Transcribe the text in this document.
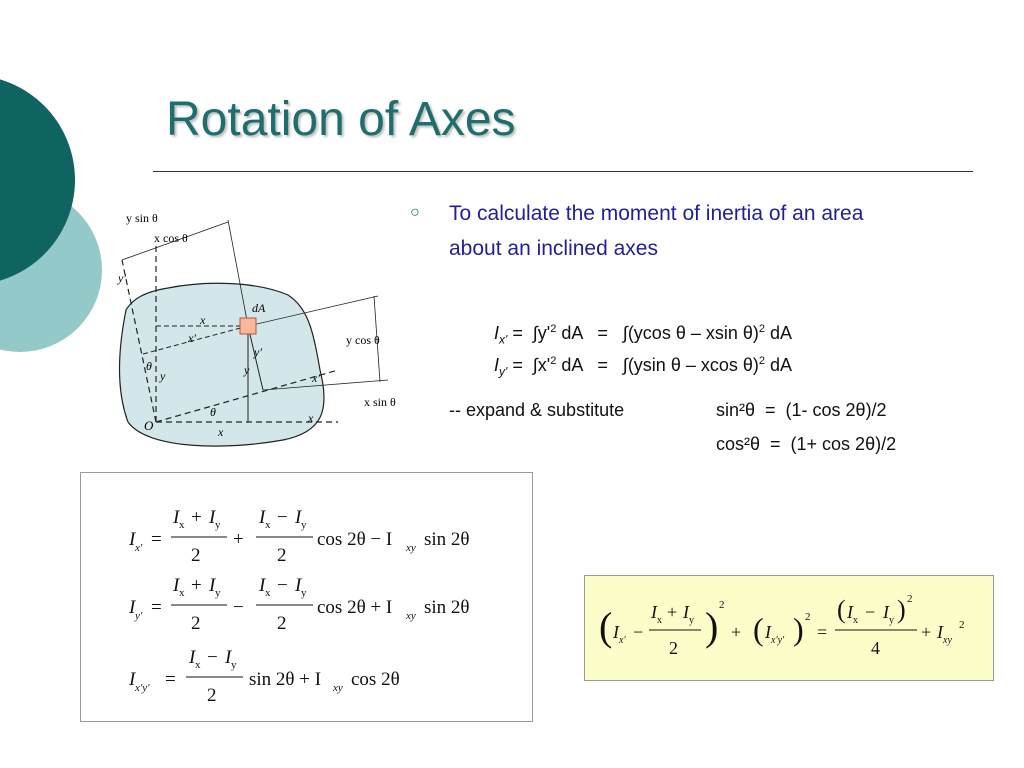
Rotation of Axes
○ To calculate the moment of inertia of an area
about an inclined axes

$I_{x'} = \int y'^2$ dA   =   ∫(ycos θ – xsin θ)$^2$ dA

$I_{y'} = \int x'^2$ dA   =   ∫(ysin θ – xcos θ)$^2$ dA

-- expand & substitute	sin²θ  =  (1- cos 2θ)/2
cos²θ  =  (1+ cos 2θ)/2
y sin θ
x cos θ
y′
dA
x
x′	y cos θ
y′
θ
y	y
x′
x sin θ
O
θ
x
x
I x' =
I x + I y
2
+
I x − I y
2
cos 2θ − I xy sin 2θ
I y' =
I x + I y
2
−
I x − I y
2
cos 2θ + I xy sin 2θ
I x'y' =
I x − I y
2
sin 2θ + I xy cos 2θ
( I x' −
I x + I y
2 ) 2
+ ( I x'y' ) 2
=
( I x − I y ) 2
4
+ I xy
2
